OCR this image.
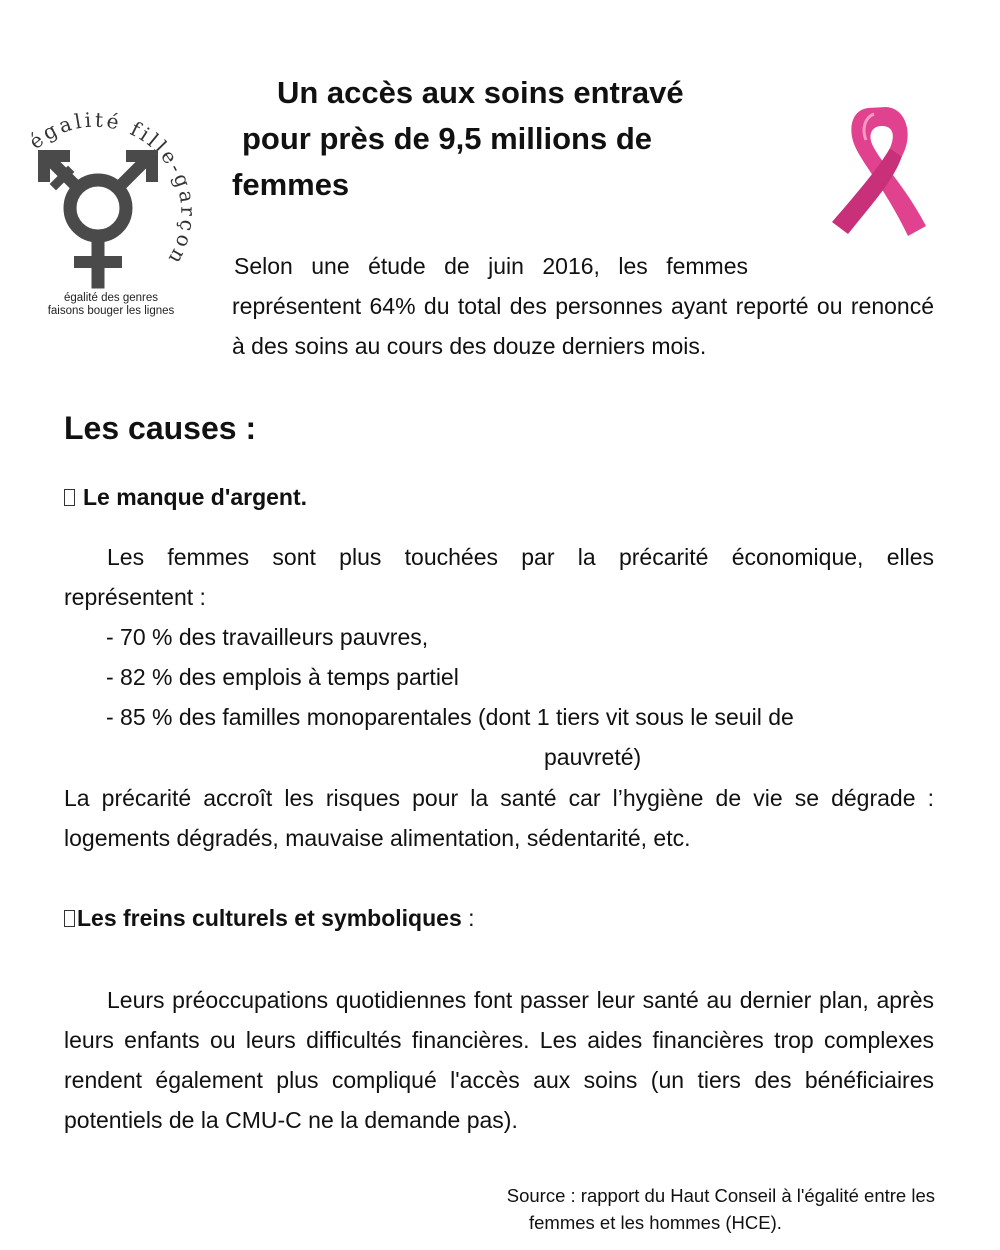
égalité fille-garçon
égalité des genres
faisons bouger les lignes
Un accès aux soins entravé
pour près de 9,5 millions de
femmes
Selon une étude de juin 2016, les femmes

représentent 64% du total des personnes ayant reporté ou renoncé à des soins au cours des douze derniers mois.

Les causes :
Le manque d'argent.
Les femmes sont plus touchées par la précarité économique, elles
représentent :
- 70 % des travailleurs pauvres,
- 82 % des emplois à temps partiel
- 85 % des familles monoparentales (dont 1 tiers vit sous le seuil de
pauvreté)
La précarité accroît les risques pour la santé car l’hygiène de vie se dégrade :
logements dégradés, mauvaise alimentation, sédentarité, etc.
Les freins culturels et symboliques :
Leurs préoccupations quotidiennes font passer leur santé au dernier plan, après leurs enfants ou leurs difficultés financières. Les aides financières trop complexes rendent également plus compliqué l'accès aux soins (un tiers des bénéficiaires potentiels de la CMU-C ne la demande pas).
Source : rapport du Haut Conseil à l'égalité entre les
femmes et les hommes (HCE).
